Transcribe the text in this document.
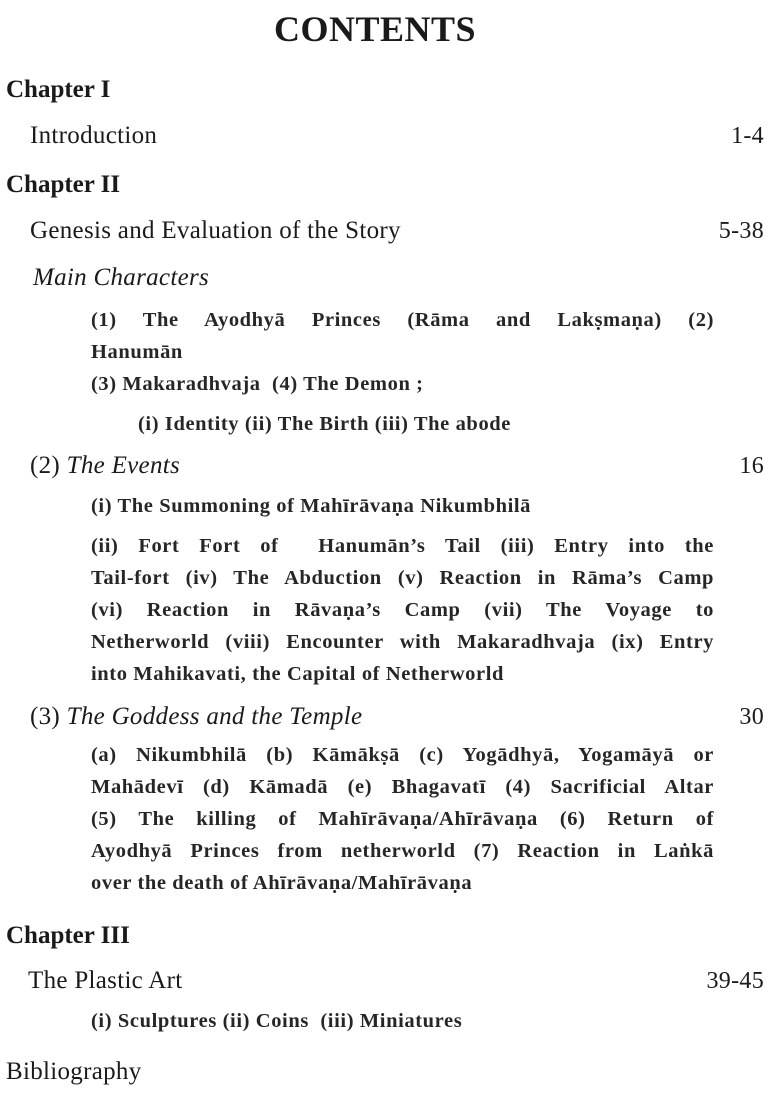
CONTENTS
Chapter I
Introduction	1-4
Chapter II
Genesis and Evaluation of the Story	5-38
Main Characters
(1) The Ayodhyā Princes (Rāma and Lakṣmaṇa) (2)
Hanumān
(3) Makaradhvaja  (4) The Demon ;
(i) Identity (ii) The Birth (iii) The abode
(2) The Events	16
(i) The Summoning of Mahīrāvaṇa Nikumbhilā
(ii) Fort Fort of  Hanumān’s Tail (iii) Entry into the
Tail-fort (iv) The Abduction (v) Reaction in Rāma’s Camp
(vi) Reaction in Rāvaṇa’s Camp (vii) The Voyage to
Netherworld (viii) Encounter with Makaradhvaja (ix) Entry
into Mahikavati, the Capital of Netherworld
(3) The Goddess and the Temple	30
(a) Nikumbhilā (b) Kāmākṣā (c) Yogādhyā, Yogamāyā or
Mahādevī (d) Kāmadā (e) Bhagavatī (4) Sacrificial Altar
(5) The killing of Mahīrāvaṇa/Ahīrāvaṇa (6) Return of
Ayodhyā Princes from netherworld (7) Reaction in Laṅkā
over the death of Ahīrāvaṇa/Mahīrāvaṇa
Chapter III
The Plastic Art	39-45
(i) Sculptures (ii) Coins  (iii) Miniatures
Bibliography
